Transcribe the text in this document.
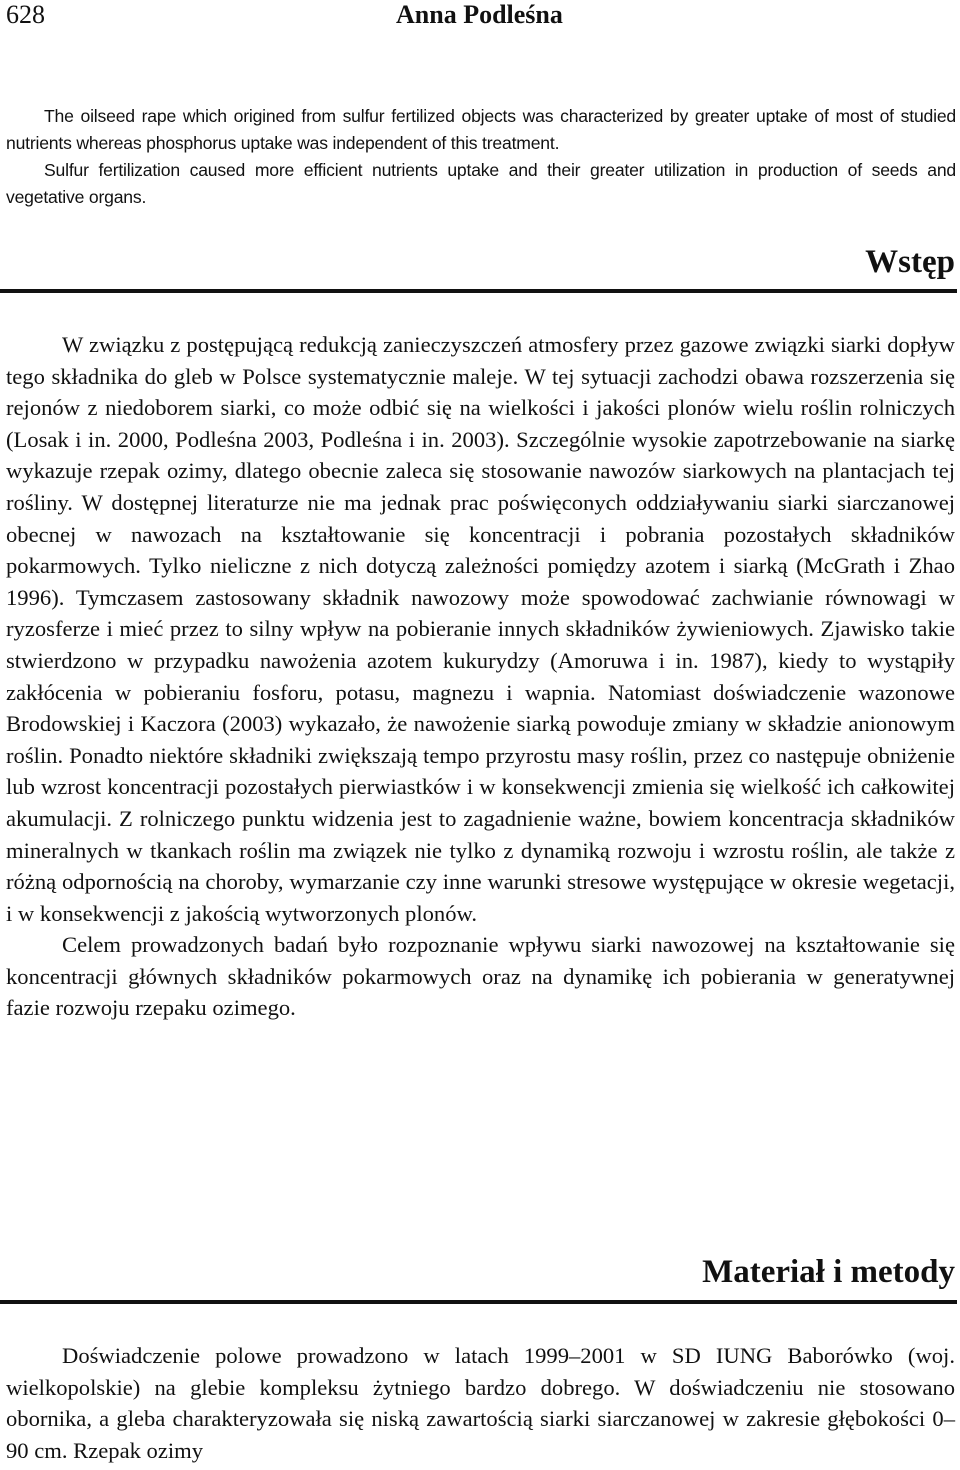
628	Anna Podleśna

The oilseed rape which origined from sulfur fertilized objects was characterized by greater uptake of most of studied nutrients whereas phosphorus uptake was independent of this treatment.

Sulfur fertilization caused more efficient nutrients uptake and their greater utilization in production of seeds and vegetative organs.

Wstęp

W związku z postępującą redukcją zanieczyszczeń atmosfery przez gazowe związki siarki dopływ tego składnika do gleb w Polsce systematycznie maleje. W tej sytuacji zachodzi obawa rozszerzenia się rejonów z niedoborem siarki, co może odbić się na wielkości i jakości plonów wielu roślin rolniczych (Losak i in. 2000, Podleśna 2003, Podleśna i in. 2003). Szczególnie wysokie zapotrzebowanie na siarkę wykazuje rzepak ozimy, dlatego obecnie zaleca się stosowanie nawozów siarkowych na plantacjach tej rośliny. W dostępnej literaturze nie ma jednak prac poświęconych oddziaływaniu siarki siarczanowej obecnej w nawozach na kształtowanie się koncentracji i pobrania pozostałych składników pokarmowych. Tylko nieliczne z nich dotyczą zależności pomiędzy azotem i siarką (McGrath i Zhao 1996). Tymczasem zastosowany składnik nawozowy może spowodować zachwianie równowagi w ryzosferze i mieć przez to silny wpływ na pobieranie innych składników żywieniowych. Zjawisko takie stwierdzono w przypadku nawożenia azotem kukurydzy (Amoruwa i in. 1987), kiedy to wystąpiły zakłócenia w pobieraniu fosforu, potasu, magnezu i wapnia. Natomiast doświadczenie wazonowe Brodowskiej i Kaczora (2003) wykazało, że nawożenie siarką powoduje zmiany w składzie anionowym roślin. Ponadto niektóre składniki zwiększają tempo przyrostu masy roślin, przez co następuje obniżenie lub wzrost koncentracji pozostałych pierwiastków i w konsekwencji zmienia się wielkość ich całkowitej akumulacji. Z rolniczego punktu widzenia jest to zagadnienie ważne, bowiem koncentracja składników mineralnych w tkankach roślin ma związek nie tylko z dynamiką rozwoju i wzrostu roślin, ale także z różną odpornością na choroby, wymarzanie czy inne warunki stresowe występujące w okresie wegetacji, i w konsekwencji z jakością wytworzonych plonów.

Celem prowadzonych badań było rozpoznanie wpływu siarki nawozowej na kształtowanie się koncentracji głównych składników pokarmowych oraz na dynamikę ich pobierania w generatywnej fazie rozwoju rzepaku ozimego.

Materiał i metody

Doświadczenie polowe prowadzono w latach 1999–2001 w SD IUNG Baborówko (woj. wielkopolskie) na glebie kompleksu żytniego bardzo dobrego. W doświadczeniu nie stosowano obornika, a gleba charakteryzowała się niską zawartością siarki siarczanowej w zakresie głębokości 0–90 cm. Rzepak ozimy
